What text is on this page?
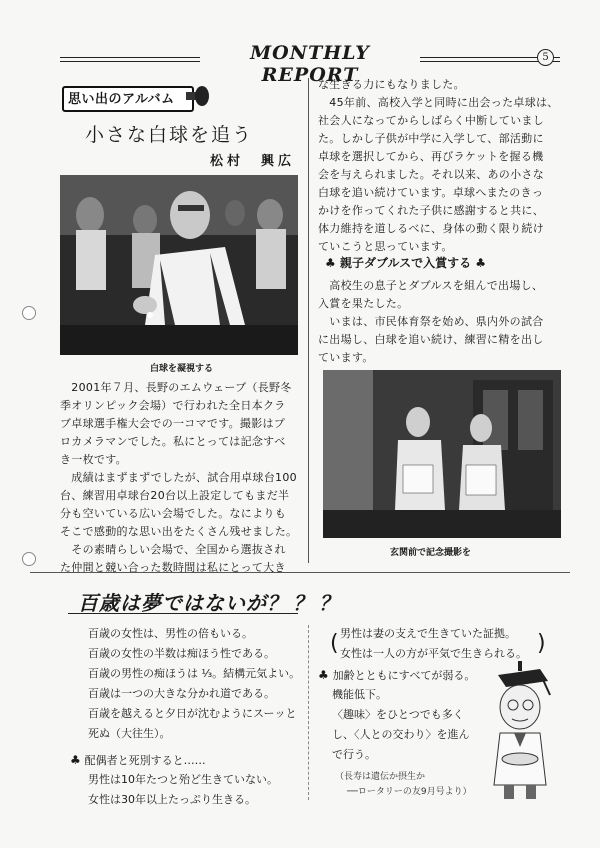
MONTHLY REPORT
5
思い出のアルバム
小さな白球を追う
松村　興広
白球を凝視する

　2001年７月、長野のエムウェーブ（長野冬

季オリンピック会場）で行われた全日本クラ

ブ卓球選手権大会での一コマです。撮影はプ

ロカメラマンでした。私にとっては記念すべ

き一枚です。

　成績はまずまずでしたが、試合用卓球台100

台、練習用卓球台20台以上設定してもまだ半

分も空いている広い会場でした。なによりも

そこで感動的な思い出をたくさん残せました。

　その素晴らしい会場で、全国から選抜され

た仲間と競い合った数時間は私にとって大き

な生きる力にもなりました。

　45年前、高校入学と同時に出会った卓球は、

社会人になってからしばらく中断していまし

た。しかし子供が中学に入学して、部活動に

卓球を選択してから、再びラケットを握る機

会を与えられました。それ以来、あの小さな

白球を追い続けています。卓球へまたのきっ

かけを作ってくれた子供に感謝すると共に、

体力維持を道しるべに、身体の動く限り続け

ていこうと思っています。

♣ 親子ダブルスで入賞する ♣

　高校生の息子とダブルスを組んで出場し、

入賞を果たした。

　いまは、市民体育祭を始め、県内外の試合

に出場し、白球を追い続け、練習に精を出し

ています。

玄関前で記念撮影を
百歳は夢ではないが？？？

百歳の女性は、男性の倍もいる。

百歳の女性の半数は痴ほう性である。

百歳の男性の痴ほうは ⅓。結構元気よい。

百歳は一つの大きな分かれ道である。

百歳を越えると夕日が沈むようにスーッと

死ぬ（大往生）。

♣ 配偶者と死別すると……

男性は10年たつと殆ど生きていない。

女性は30年以上たっぷり生きる。

(	)

男性は妻の支えで生きていた証拠。

女性は一人の方が平気で生きられる。

♣ 加齢とともにすべてが弱る。

機能低下。

〈趣味〉をひとつでも多く

し、〈人との交わり〉を進ん

で行う。

（長寿は遺伝か摂生か
──ロータリーの友9月号より）
